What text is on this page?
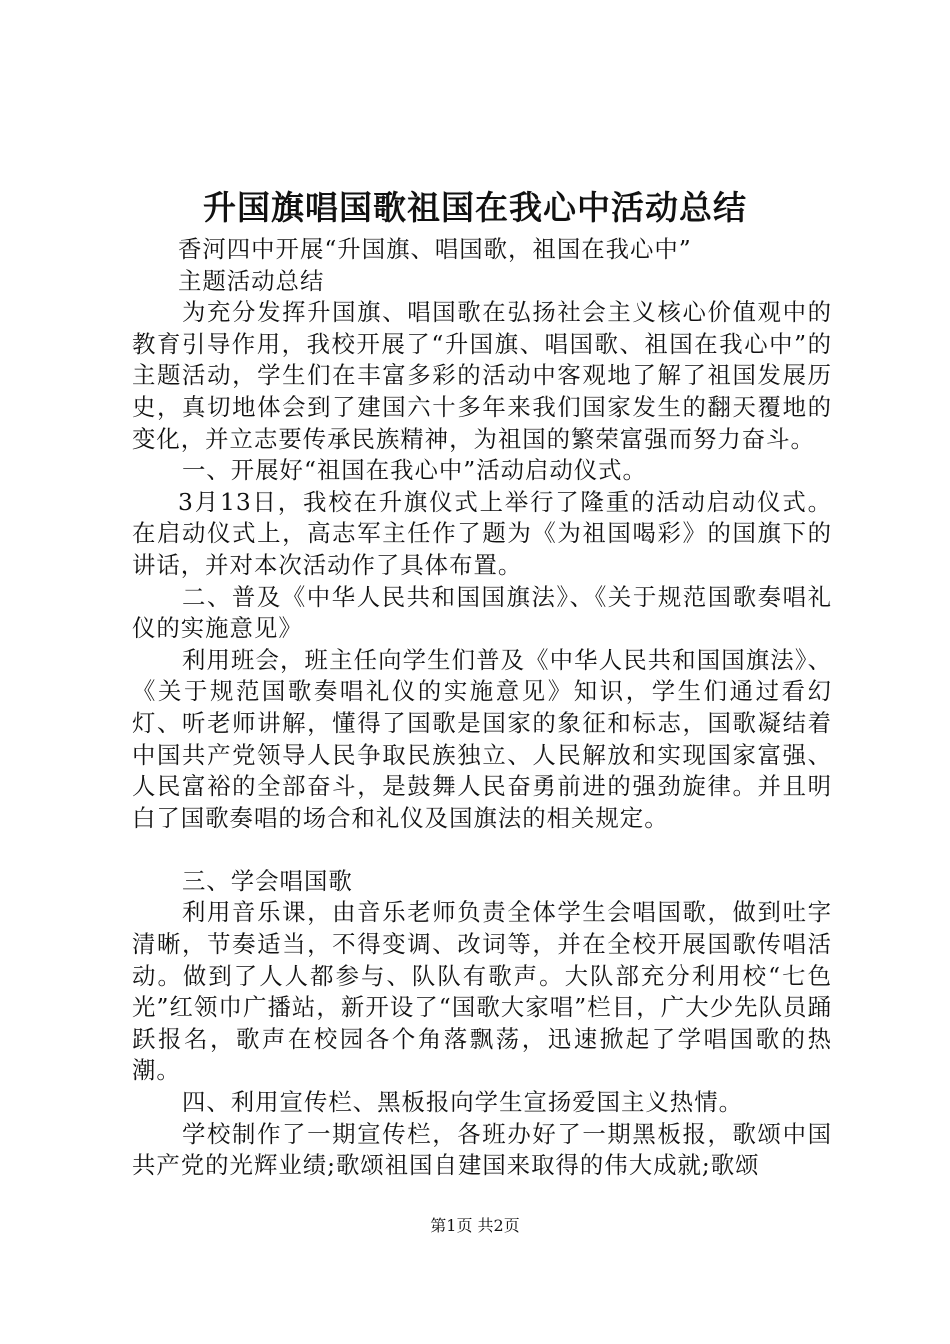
升国旗唱国歌祖国在我心中活动总结

香河四中开展“升国旗、唱国歌，祖国在我心中”

主题活动总结

为充分发挥升国旗、唱国歌在弘扬社会主义核心价值观中的教育引导作用，我校开展了“升国旗、唱国歌、祖国在我心中”的主题活动，学生们在丰富多彩的活动中客观地了解了祖国发展历史，真切地体会到了建国六十多年来我们国家发生的翻天覆地的变化，并立志要传承民族精神，为祖国的繁荣富强而努力奋斗。

一、开展好“祖国在我心中”活动启动仪式。

3月13日，我校在升旗仪式上举行了隆重的活动启动仪式。在启动仪式上，高志军主任作了题为《为祖国喝彩》的国旗下的讲话，并对本次活动作了具体布置。

二、普及《中华人民共和国国旗法》、《关于规范国歌奏唱礼仪的实施意见》

利用班会，班主任向学生们普及《中华人民共和国国旗法》、《关于规范国歌奏唱礼仪的实施意见》知识，学生们通过看幻灯、听老师讲解，懂得了国歌是国家的象征和标志，国歌凝结着中国共产党领导人民争取民族独立、人民解放和实现国家富强、人民富裕的全部奋斗，是鼓舞人民奋勇前进的强劲旋律。并且明白了国歌奏唱的场合和礼仪及国旗法的相关规定。

三、学会唱国歌

利用音乐课，由音乐老师负责全体学生会唱国歌，做到吐字清晰，节奏适当，不得变调、改词等，并在全校开展国歌传唱活动。做到了人人都参与、队队有歌声。大队部充分利用校“七色光”红领巾广播站，新开设了“国歌大家唱”栏目，广大少先队员踊跃报名，歌声在校园各个角落飘荡，迅速掀起了学唱国歌的热潮。

四、利用宣传栏、黑板报向学生宣扬爱国主义热情。

学校制作了一期宣传栏，各班办好了一期黑板报，歌颂中国共产党的光辉业绩;歌颂祖国自建国来取得的伟大成就;歌颂

第1页 共2页
